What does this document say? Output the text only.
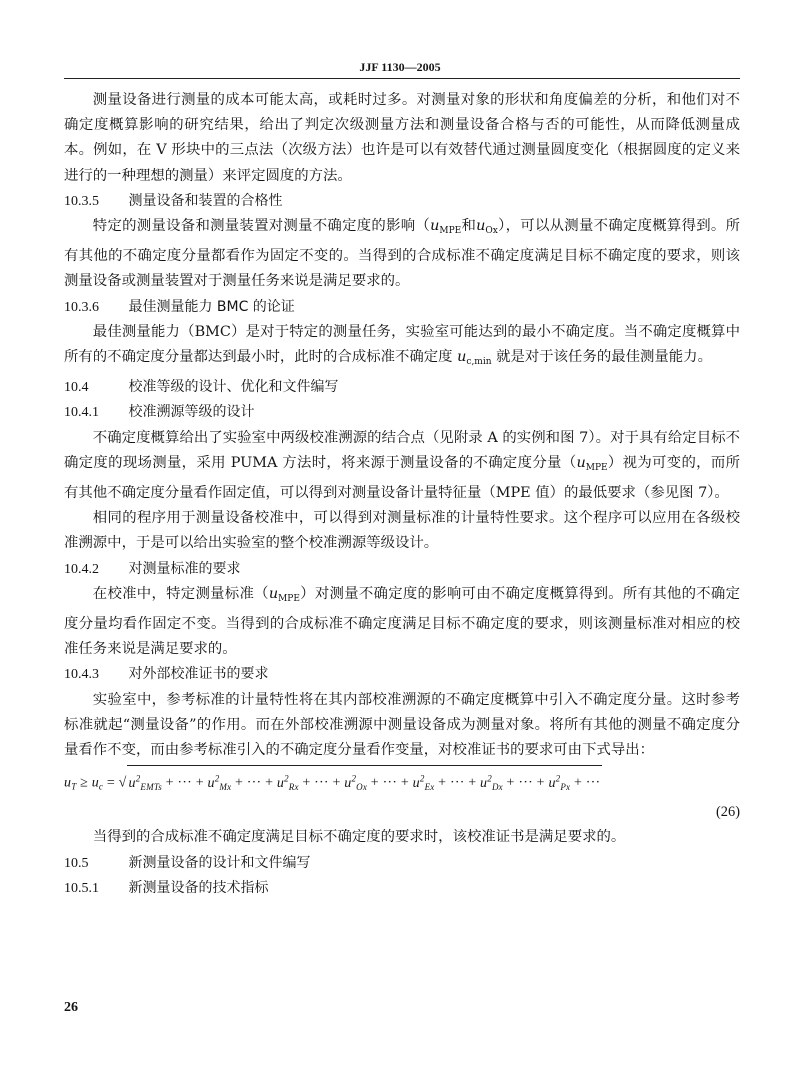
JJF 1130—2005

测量设备进行测量的成本可能太高，或耗时过多。对测量对象的形状和角度偏差的分析，和他们对不确定度概算影响的研究结果，给出了判定次级测量方法和测量设备合格与否的可能性，从而降低测量成本。例如，在 V 形块中的三点法（次级方法）也许是可以有效替代通过测量圆度变化（根据圆度的定义来进行的一种理想的测量）来评定圆度的方法。

10.3.5 测量设备和装置的合格性

特定的测量设备和测量装置对测量不确定度的影响（$u_{MPE}$和$u_{Ox}$），可以从测量不确定度概算得到。所有其他的不确定度分量都看作为固定不变的。当得到的合成标准不确定度满足目标不确定度的要求，则该测量设备或测量装置对于测量任务来说是满足要求的。

10.3.6 最佳测量能力 BMC 的论证

最佳测量能力（BMC）是对于特定的测量任务，实验室可能达到的最小不确定度。当不确定度概算中所有的不确定度分量都达到最小时，此时的合成标准不确定度 $u_{c,min}$ 就是对于该任务的最佳测量能力。

10.4	校准等级的设计、优化和文件编写

10.4.1 校准溯源等级的设计

不确定度概算给出了实验室中两级校准溯源的结合点（见附录 A 的实例和图 7）。对于具有给定目标不确定度的现场测量，采用 PUMA 方法时，将来源于测量设备的不确定度分量$(u_{MPE})$视为可变的，而所有其他不确定度分量看作固定值，可以得到对测量设备计量特征量（MPE 值）的最低要求（参见图 7）。

相同的程序用于测量设备校准中，可以得到对测量标准的计量特性要求。这个程序可以应用在各级校准溯源中，于是可以给出实验室的整个校准溯源等级设计。

10.4.2 对测量标准的要求

在校准中，特定测量标准$(u_{MPE})$对测量不确定度的影响可由不确定度概算得到。所有其他的不确定度分量均看作固定不变。当得到的合成标准不确定度满足目标不确定度的要求，则该测量标准对相应的校准任务来说是满足要求的。

10.4.3 对外部校准证书的要求

实验室中，参考标准的计量特性将在其内部校准溯源的不确定度概算中引入不确定度分量。这时参考标准就起“测量设备”的作用。而在外部校准溯源中测量设备成为测量对象。将所有其他的测量不确定度分量看作不变，而由参考标准引入的不确定度分量看作变量，对校准证书的要求可由下式导出：

$u_T \ge u_c$ = √ $u^2_{EMTs}$ + ··· + $u^2_{Mx}$ + ··· + $u^2_{Rx}$ + ··· + $u^2_{Ox}$ + ··· + $u^2_{Ex}$ + ··· + $u^2_{Dx}$ + ··· + $u^2_{Px}$ + ···

(26)

当得到的合成标准不确定度满足目标不确定度的要求时，该校准证书是满足要求的。

10.5	新测量设备的设计和文件编写

10.5.1 新测量设备的技术指标

26
